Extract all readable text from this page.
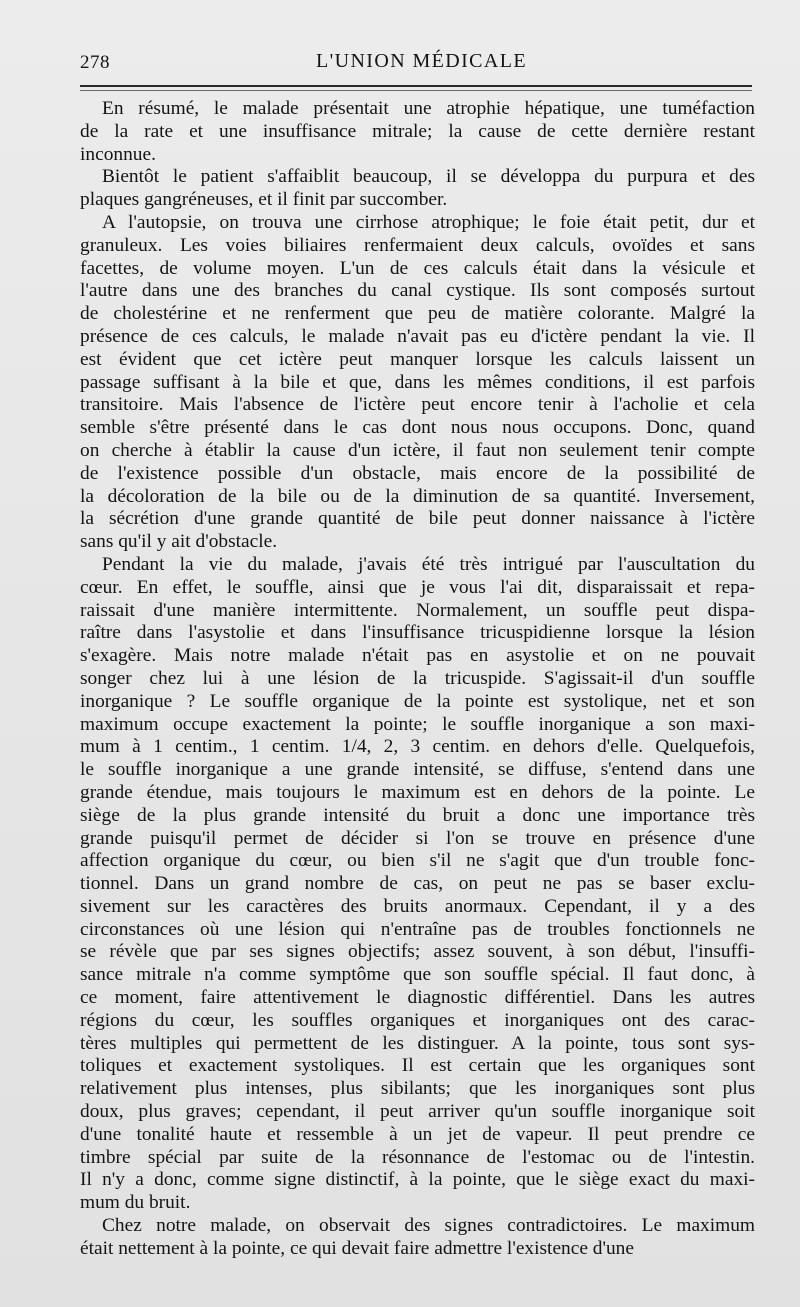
278	L'UNION MÉDICALE
En résumé, le malade présentait une atrophie hépatique, une tuméfaction
de la rate et une insuffisance mitrale; la cause de cette dernière restant
inconnue.
Bientôt le patient s'affaiblit beaucoup, il se développa du purpura et des
plaques gangréneuses, et il finit par succomber.
A l'autopsie, on trouva une cirrhose atrophique; le foie était petit, dur et
granuleux. Les voies biliaires renfermaient deux calculs, ovoïdes et sans
facettes, de volume moyen. L'un de ces calculs était dans la vésicule et
l'autre dans une des branches du canal cystique. Ils sont composés surtout
de cholestérine et ne renferment que peu de matière colorante. Malgré la
présence de ces calculs, le malade n'avait pas eu d'ictère pendant la vie. Il
est évident que cet ictère peut manquer lorsque les calculs laissent un
passage suffisant à la bile et que, dans les mêmes conditions, il est parfois
transitoire. Mais l'absence de l'ictère peut encore tenir à l'acholie et cela
semble s'être présenté dans le cas dont nous nous occupons. Donc, quand
on cherche à établir la cause d'un ictère, il faut non seulement tenir compte
de l'existence possible d'un obstacle, mais encore de la possibilité de
la décoloration de la bile ou de la diminution de sa quantité. Inversement,
la sécrétion d'une grande quantité de bile peut donner naissance à l'ictère
sans qu'il y ait d'obstacle.
Pendant la vie du malade, j'avais été très intrigué par l'auscultation du
cœur. En effet, le souffle, ainsi que je vous l'ai dit, disparaissait et repa-
raissait d'une manière intermittente. Normalement, un souffle peut dispa-
raître dans l'asystolie et dans l'insuffisance tricuspidienne lorsque la lésion
s'exagère. Mais notre malade n'était pas en asystolie et on ne pouvait
songer chez lui à une lésion de la tricuspide. S'agissait-il d'un souffle
inorganique ? Le souffle organique de la pointe est systolique, net et son
maximum occupe exactement la pointe; le souffle inorganique a son maxi-
mum à 1 centim., 1 centim. 1/4, 2, 3 centim. en dehors d'elle. Quelquefois,
le souffle inorganique a une grande intensité, se diffuse, s'entend dans une
grande étendue, mais toujours le maximum est en dehors de la pointe. Le
siège de la plus grande intensité du bruit a donc une importance très
grande puisqu'il permet de décider si l'on se trouve en présence d'une
affection organique du cœur, ou bien s'il ne s'agit que d'un trouble fonc-
tionnel. Dans un grand nombre de cas, on peut ne pas se baser exclu-
sivement sur les caractères des bruits anormaux. Cependant, il y a des
circonstances où une lésion qui n'entraîne pas de troubles fonctionnels ne
se révèle que par ses signes objectifs; assez souvent, à son début, l'insuffi-
sance mitrale n'a comme symptôme que son souffle spécial. Il faut donc, à
ce moment, faire attentivement le diagnostic différentiel. Dans les autres
régions du cœur, les souffles organiques et inorganiques ont des carac-
tères multiples qui permettent de les distinguer. A la pointe, tous sont sys-
toliques et exactement systoliques. Il est certain que les organiques sont
relativement plus intenses, plus sibilants; que les inorganiques sont plus
doux, plus graves; cependant, il peut arriver qu'un souffle inorganique soit
d'une tonalité haute et ressemble à un jet de vapeur. Il peut prendre ce
timbre spécial par suite de la résonnance de l'estomac ou de l'intestin.
Il n'y a donc, comme signe distinctif, à la pointe, que le siège exact du maxi-
mum du bruit.
Chez notre malade, on observait des signes contradictoires. Le maximum
était nettement à la pointe, ce qui devait faire admettre l'existence d'une
